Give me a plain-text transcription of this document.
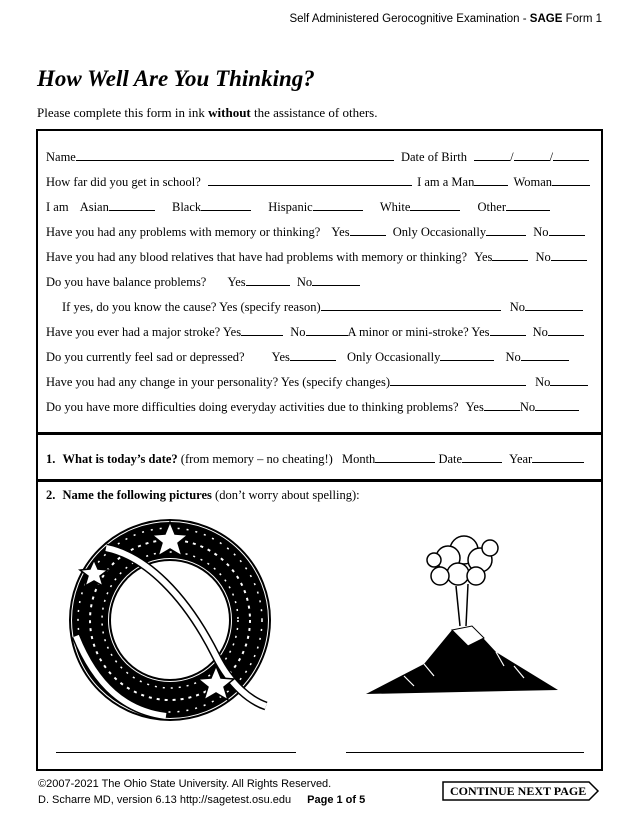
Self Administered Gerocognitive Examination - SAGE Form 1
How Well Are You Thinking?
Please complete this form in ink without the assistance of others.
Name	Date of Birth	/	/
How far did you get in school?	I am a Man	Woman
I am Asian	Black	Hispanic	White	Other
Have you had any problems with memory or thinking? Yes	Only Occasionally	No
Have you had any blood relatives that have had problems with memory or thinking? Yes	No
Do you have balance problems? Yes	No
If yes, do you know the cause? Yes (specify reason)	No
Have you ever had a major stroke? Yes	No	A minor or mini-stroke? Yes	No
Do you currently feel sad or depressed? Yes	Only Occasionally	No
Have you had any change in your personality? Yes (specify changes)	No
Do you have more difficulties doing everyday activities due to thinking problems? Yes	No
1. What is today’s date? (from memory – no cheating!) Month	Date	Year
2. Name the following pictures (don’t worry about spelling):
©2007-2021 The Ohio State University. All Rights Reserved.
D. Scharre MD, version 6.13 http://sagetest.osu.edu Page 1 of 5
CONTINUE NEXT PAGE
